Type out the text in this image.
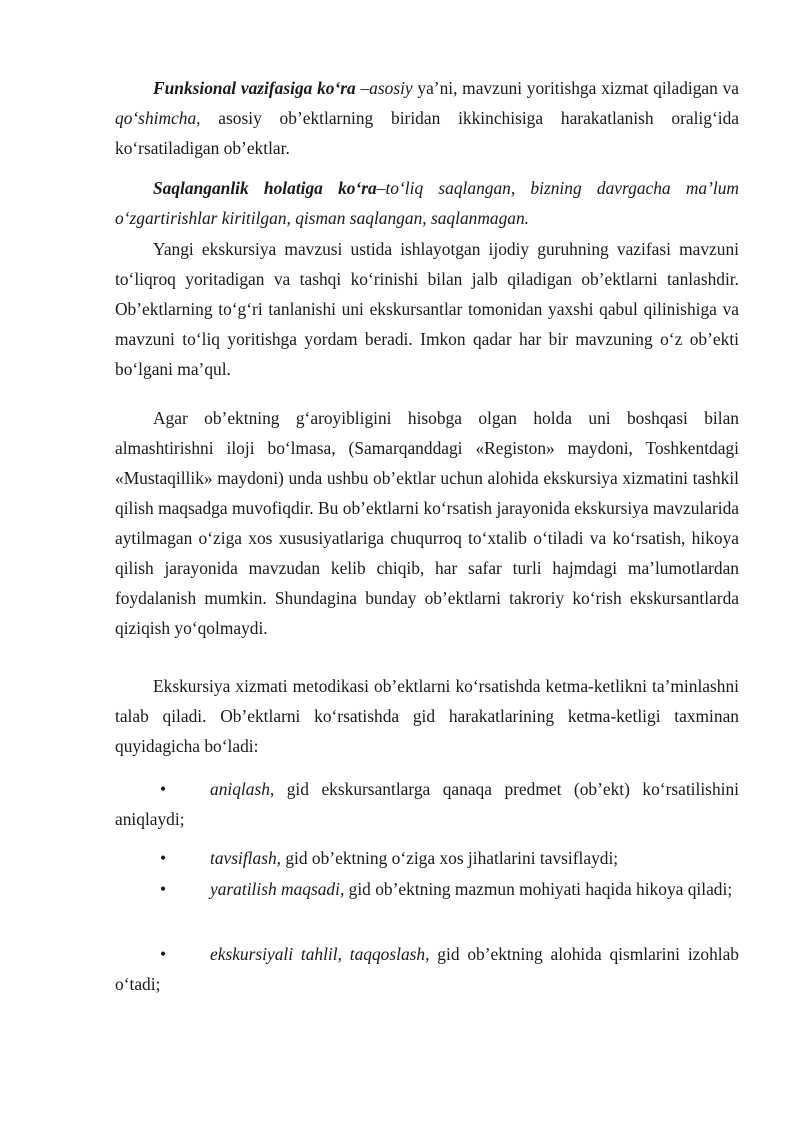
Funksional vazifasiga ko‘ra –asosiy ya’ni, mavzuni yoritishga xizmat qiladigan va qo‘shimcha, asosiy ob’ektlarning biridan ikkinchisiga harakatlanish oralig‘ida ko‘rsatiladigan ob’ektlar.

Saqlanganlik holatiga ko‘ra–to‘liq saqlangan, bizning davrgacha ma’lum o‘zgartirishlar kiritilgan, qisman saqlangan, saqlanmagan.

Yangi ekskursiya mavzusi ustida ishlayotgan ijodiy guruhning vazifasi mavzuni to‘liqroq yoritadigan va tashqi ko‘rinishi bilan jalb qiladigan ob’ektlarni tanlashdir. Ob’ektlarning to‘g‘ri tanlanishi uni ekskursantlar tomonidan yaxshi qabul qilinishiga va mavzuni to‘liq yoritishga yordam beradi. Imkon qadar har bir mavzuning o‘z ob’ekti bo‘lgani ma’qul.

Agar ob’ektning g‘aroyibligini hisobga olgan holda uni boshqasi bilan almashtirishni iloji bo‘lmasa, (Samarqanddagi «Registon» maydoni, Toshkentdagi «Mustaqillik» maydoni) unda ushbu ob’ektlar uchun alohida ekskursiya xizmatini tashkil qilish maqsadga muvofiqdir. Bu ob’ektlarni ko‘rsatish jarayonida ekskursiya mavzularida aytilmagan o‘ziga xos xususiyatlariga chuqurroq to‘xtalib o‘tiladi va ko‘rsatish, hikoya qilish jarayonida mavzudan kelib chiqib, har safar turli hajmdagi ma’lumotlardan foydalanish mumkin. Shundagina bunday ob’ektlarni takroriy ko‘rish ekskursantlarda qiziqish yo‘qolmaydi.

Ekskursiya xizmati metodikasi ob’ektlarni ko‘rsatishda ketma-ketlikni ta’minlashni talab qiladi. Ob’ektlarni ko‘rsatishda gid harakatlarining ketma-ketligi taxminan quyidagicha bo‘ladi:

•	aniqlash, gid ekskursantlarga qanaqa predmet (ob’ekt) ko‘rsatilishini aniqlaydi;

•	tavsiflash, gid ob’ektning o‘ziga xos jihatlarini tavsiflaydi;

•	yaratilish maqsadi, gid ob’ektning mazmun mohiyati haqida hikoya qiladi;

•	ekskursiyali tahlil, taqqoslash, gid ob’ektning alohida qismlarini izohlab o‘tadi;
